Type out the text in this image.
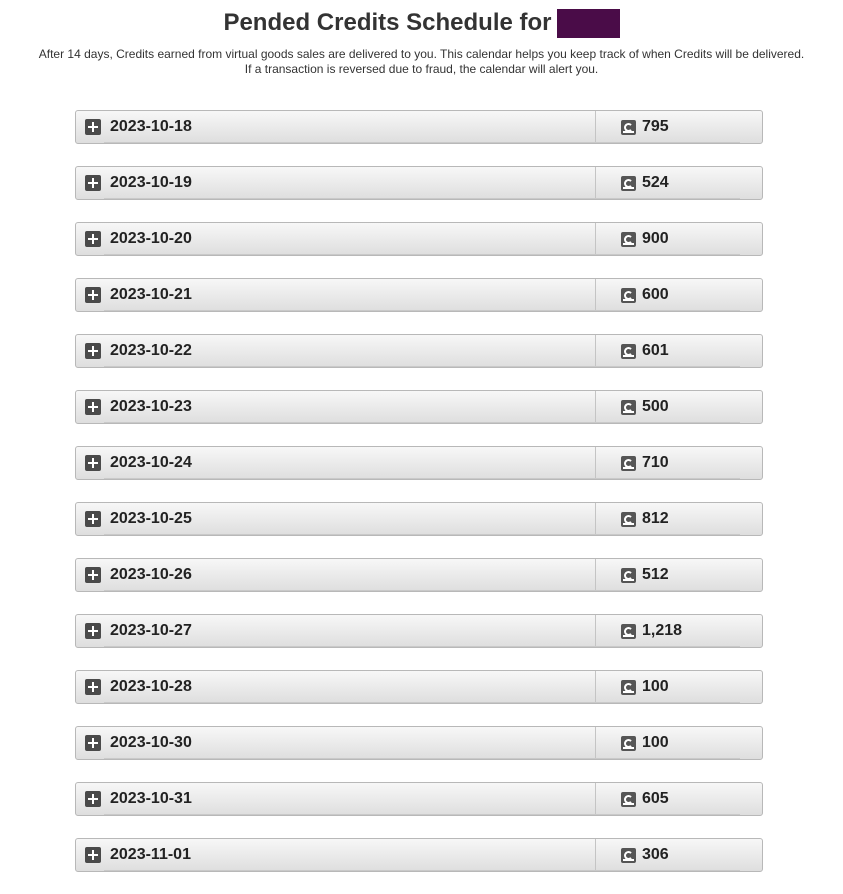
Pended Credits Schedule for

After 14 days, Credits earned from virtual goods sales are delivered to you. This calendar helps you keep track of when Credits will be delivered.
If a transaction is reversed due to fraud, the calendar will alert you.

2023-10-18	795
2023-10-19	524
2023-10-20	900
2023-10-21	600
2023-10-22	601
2023-10-23	500
2023-10-24	710
2023-10-25	812
2023-10-26	512
2023-10-27	1,218
2023-10-28	100
2023-10-30	100
2023-10-31	605
2023-11-01	306
